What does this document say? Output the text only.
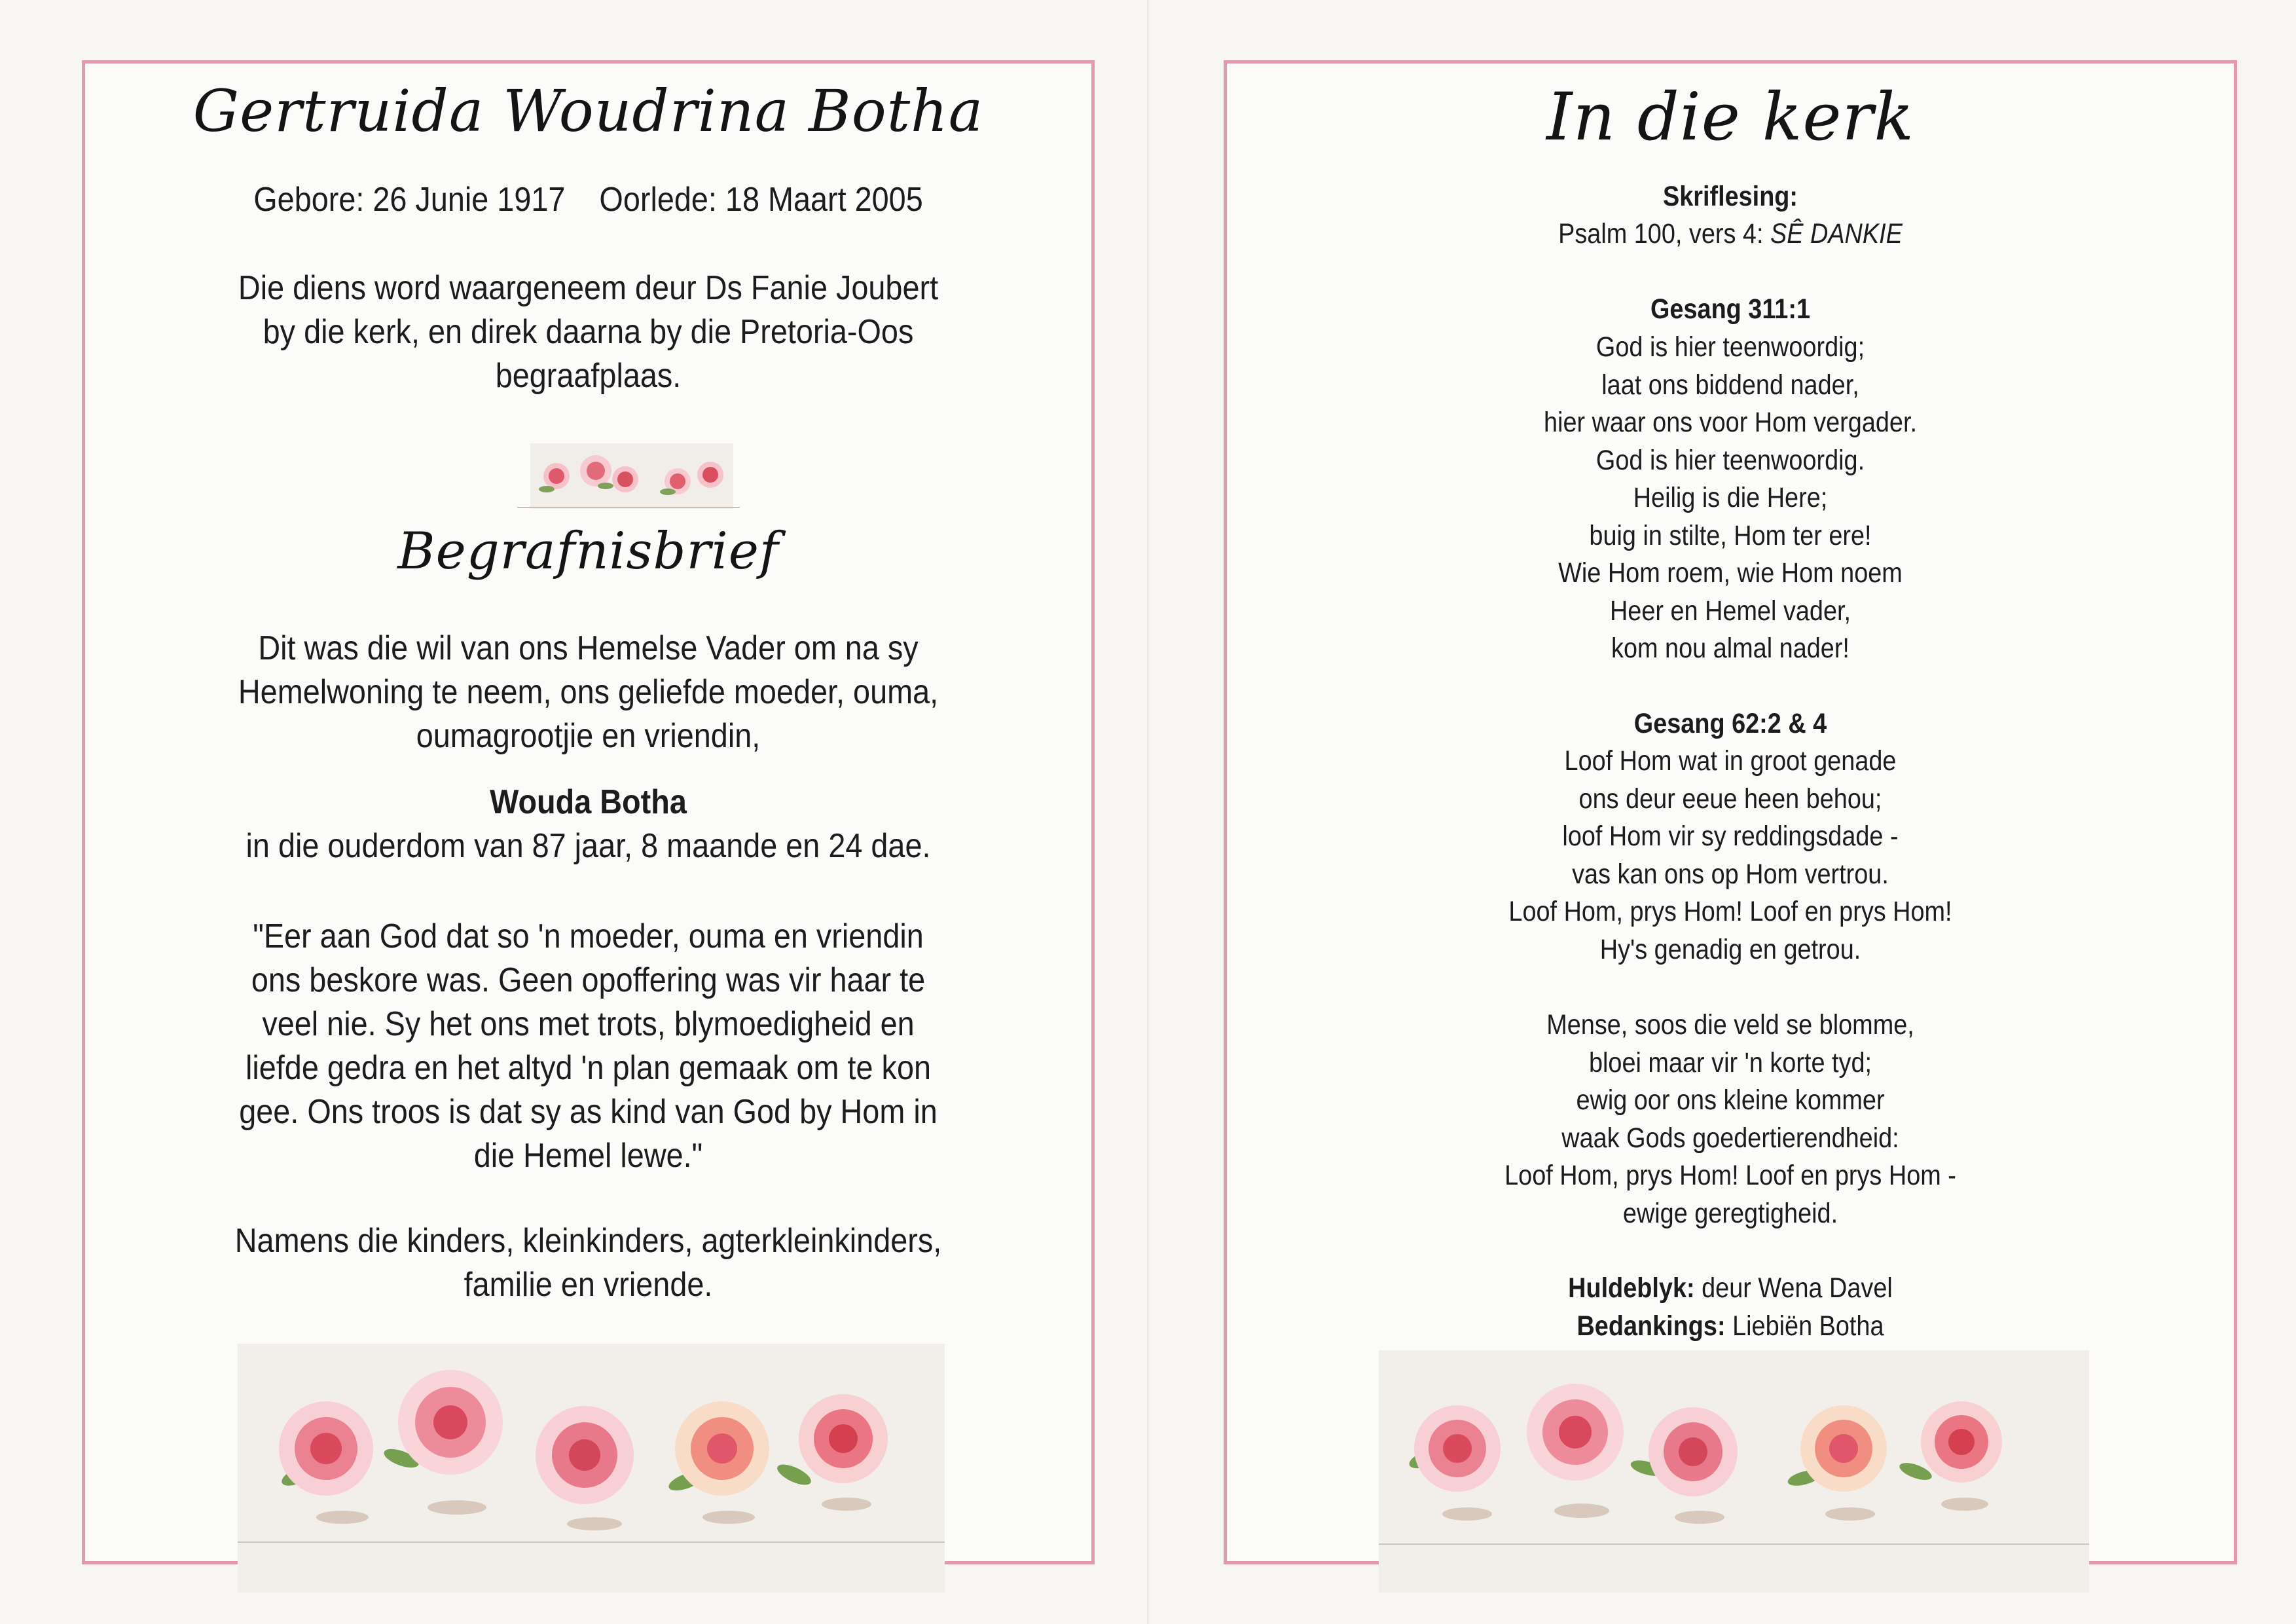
Gertruida Woudrina Botha

Gebore: 26 Junie 1917    Oorlede: 18 Maart 2005

Die diens word waargeneem deur Ds Fanie Joubert

by die kerk, en direk daarna by die Pretoria-Oos

begraafplaas.

Begrafnisbrief

Dit was die wil van ons Hemelse Vader om na sy

Hemelwoning te neem, ons geliefde moeder, ouma,

oumagrootjie en vriendin,

Wouda Botha

in die ouderdom van 87 jaar, 8 maande en 24 dae.

"Eer aan God dat so 'n moeder, ouma en vriendin

ons beskore was. Geen opoffering was vir haar te

veel nie. Sy het ons met trots, blymoedigheid en

liefde gedra en het altyd 'n plan gemaak om te kon

gee. Ons troos is dat sy as kind van God by Hom in

die Hemel lewe."

Namens die kinders, kleinkinders, agterkleinkinders,

familie en vriende.

In die kerk

Skriflesing:

Psalm 100, vers 4: SÊ DANKIE

Gesang 311:1

God is hier teenwoordig;

laat ons biddend nader,

hier waar ons voor Hom vergader.

God is hier teenwoordig.

Heilig is die Here;

buig in stilte, Hom ter ere!

Wie Hom roem, wie Hom noem

Heer en Hemel vader,

kom nou almal nader!

Gesang 62:2 & 4

Loof Hom wat in groot genade

ons deur eeue heen behou;

loof Hom vir sy reddingsdade -

vas kan ons op Hom vertrou.

Loof Hom, prys Hom! Loof en prys Hom!

Hy's genadig en getrou.

Mense, soos die veld se blomme,

bloei maar vir 'n korte tyd;

ewig oor ons kleine kommer

waak Gods goedertierendheid:

Loof Hom, prys Hom! Loof en prys Hom -

ewige geregtigheid.

Huldeblyk: deur Wena Davel

Bedankings: Liebiën Botha
